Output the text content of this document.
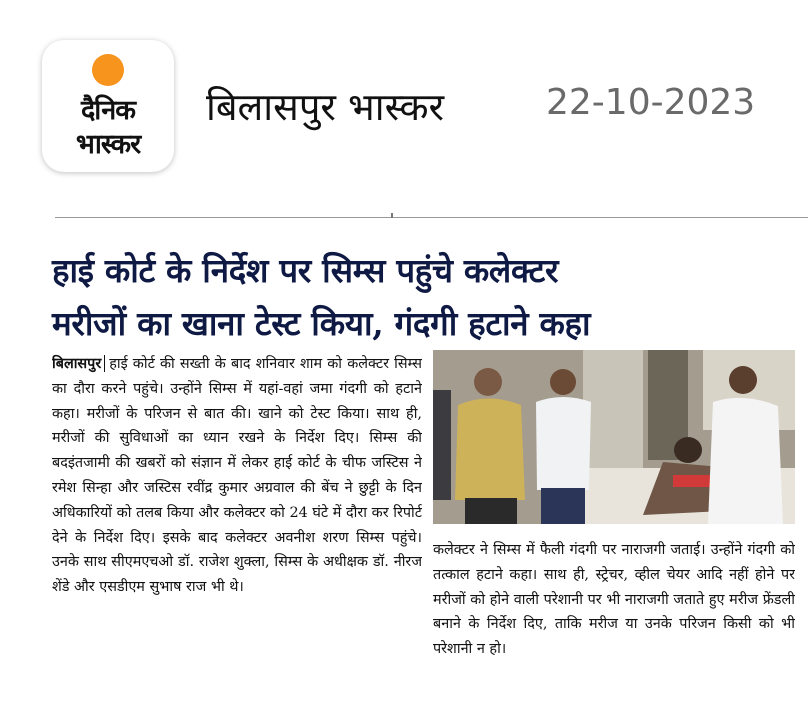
दैनिक
भास्कर
बिलासपुर भास्कर	22-10-2023
हाई कोर्ट के निर्देश पर सिम्स पहुंचे कलेक्टर
मरीजों का खाना टेस्ट किया, गंदगी हटाने कहा
बिलासपुर हाई कोर्ट की सख्ती के बाद शनिवार शाम को कलेक्टर सिम्स का दौरा करने पहुंचे। उन्होंने सिम्स में यहां-वहां जमा गंदगी को हटाने कहा। मरीजों के परिजन से बात की। खाने को टेस्ट किया। साथ ही, मरीजों की सुविधाओं का ध्यान रखने के निर्देश दिए। सिम्स की बदइंतजामी की खबरों को संज्ञान में लेकर हाई कोर्ट के चीफ जस्टिस ने रमेश सिन्हा और जस्टिस रवींद्र कुमार अग्रवाल की बेंच ने छुट्टी के दिन अधिकारियों को तलब किया और कलेक्टर को 24 घंटे में दौरा कर रिपोर्ट देने के निर्देश दिए। इसके बाद कलेक्टर अवनीश शरण सिम्स पहुंचे। उनके साथ सीएमएचओ डॉ. राजेश शुक्ला, सिम्स के अधीक्षक डॉ. नीरज शेंडे और एसडीएम सुभाष राज भी थे।
कलेक्टर ने सिम्स में फैली गंदगी पर नाराजगी जताई। उन्होंने गंदगी को तत्काल हटाने कहा। साथ ही, स्ट्रेचर, व्हील चेयर आदि नहीं होने पर मरीजों को होने वाली परेशानी पर भी नाराजगी जताते हुए मरीज फ्रेंडली बनाने के निर्देश दिए, ताकि मरीज या उनके परिजन किसी को भी परेशानी न हो।
